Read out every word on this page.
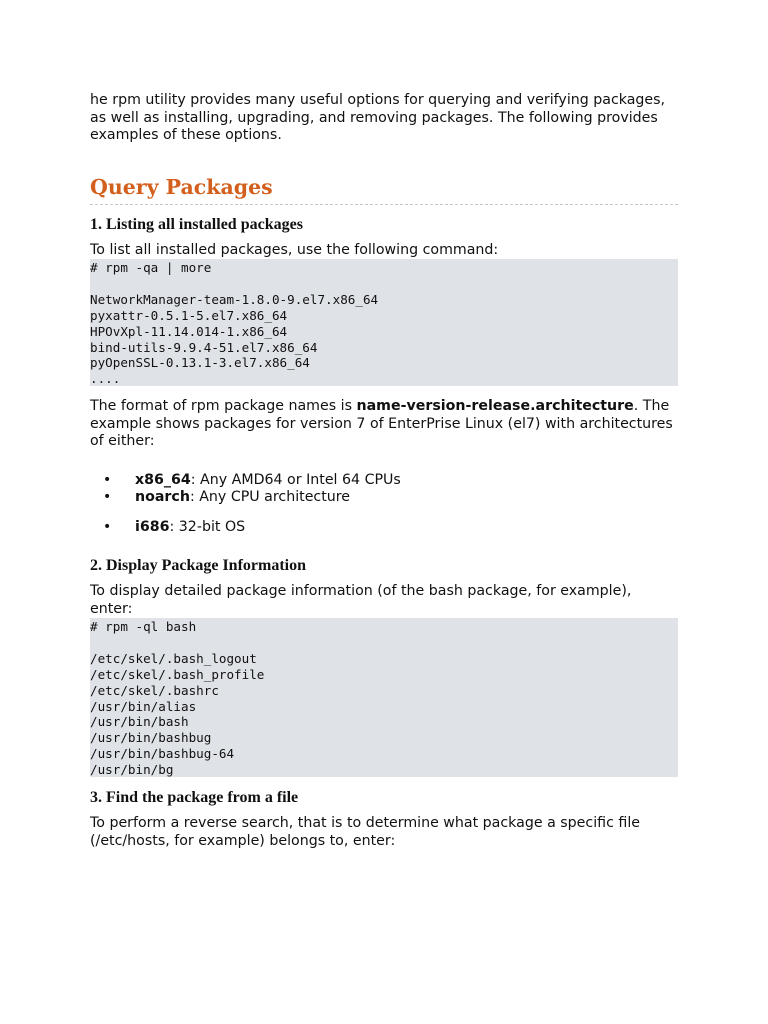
he rpm utility provides many useful options for querying and verifying packages, as well as installing, upgrading, and removing packages. The following provides examples of these options.

Query Packages
1. Listing all installed packages

To list all installed packages, use the following command:

# rpm -qa | more

NetworkManager-team-1.8.0-9.el7.x86_64
pyxattr-0.5.1-5.el7.x86_64
HPOvXpl-11.14.014-1.x86_64
bind-utils-9.9.4-51.el7.x86_64
pyOpenSSL-0.13.1-3.el7.x86_64
....

The format of rpm package names is name-version-release.architecture. The example shows packages for version 7 of EnterPrise Linux (el7) with architectures of either:

• x86_64: Any AMD64 or Intel 64 CPUs
• noarch: Any CPU architecture
• i686: 32-bit OS
2. Display Package Information

To display detailed package information (of the bash package, for example), enter:

# rpm -ql bash

/etc/skel/.bash_logout
/etc/skel/.bash_profile
/etc/skel/.bashrc
/usr/bin/alias
/usr/bin/bash
/usr/bin/bashbug
/usr/bin/bashbug-64
/usr/bin/bg
3. Find the package from a file

To perform a reverse search, that is to determine what package a specific file (/etc/hosts, for example) belongs to, enter:
